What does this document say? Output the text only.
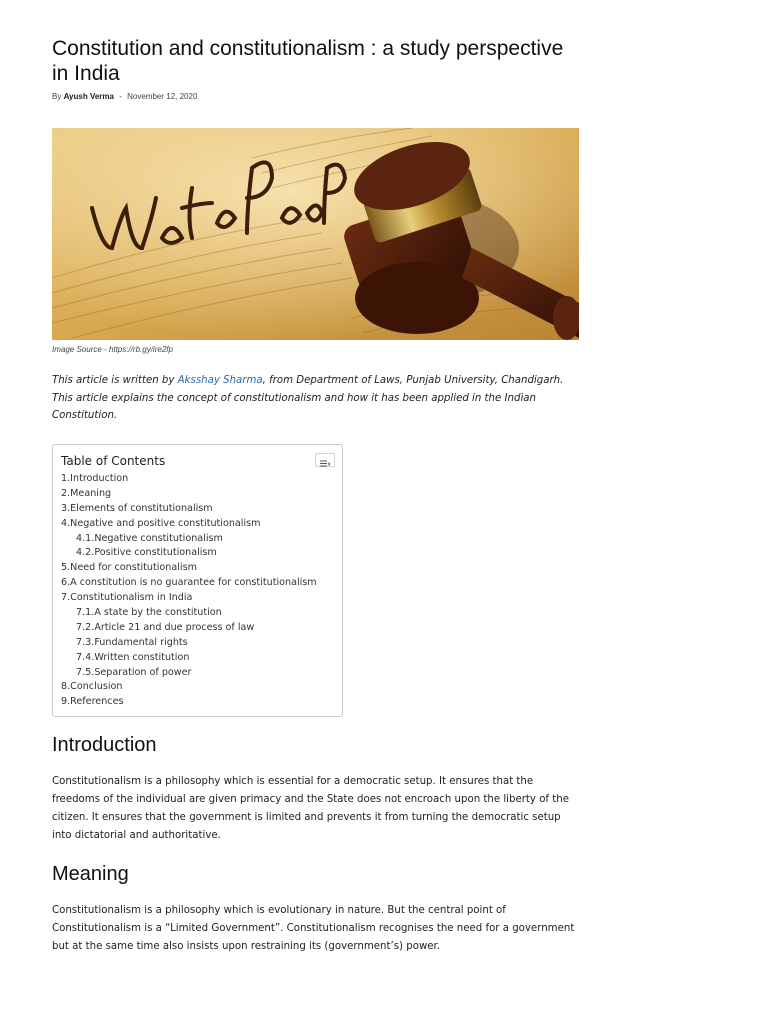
Constitution and constitutionalism : a study perspective in India
By Ayush Verma - November 12, 2020
Image Source - https://rb.gy/ire2fp

This article is written by Aksshay Sharma, from Department of Laws, Punjab University, Chandigarh. This article explains the concept of constitutionalism and how it has been applied in the Indian Constitution.

Table of Contents
1.Introduction
2.Meaning
3.Elements of constitutionalism
4.Negative and positive constitutionalism
4.1.Negative constitutionalism
4.2.Positive constitutionalism
5.Need for constitutionalism
6.A constitution is no guarantee for constitutionalism
7.Constitutionalism in India
7.1.A state by the constitution
7.2.Article 21 and due process of law
7.3.Fundamental rights
7.4.Written constitution
7.5.Separation of power
8.Conclusion
9.References
Introduction

Constitutionalism is a philosophy which is essential for a democratic setup. It ensures that the freedoms of the individual are given primacy and the State does not encroach upon the liberty of the citizen. It ensures that the government is limited and prevents it from turning the democratic setup into dictatorial and authoritative.

Meaning

Constitutionalism is a philosophy which is evolutionary in nature. But the central point of Constitutionalism is a “Limited Government”. Constitutionalism recognises the need for a government but at the same time also insists upon restraining its (government’s) power.
